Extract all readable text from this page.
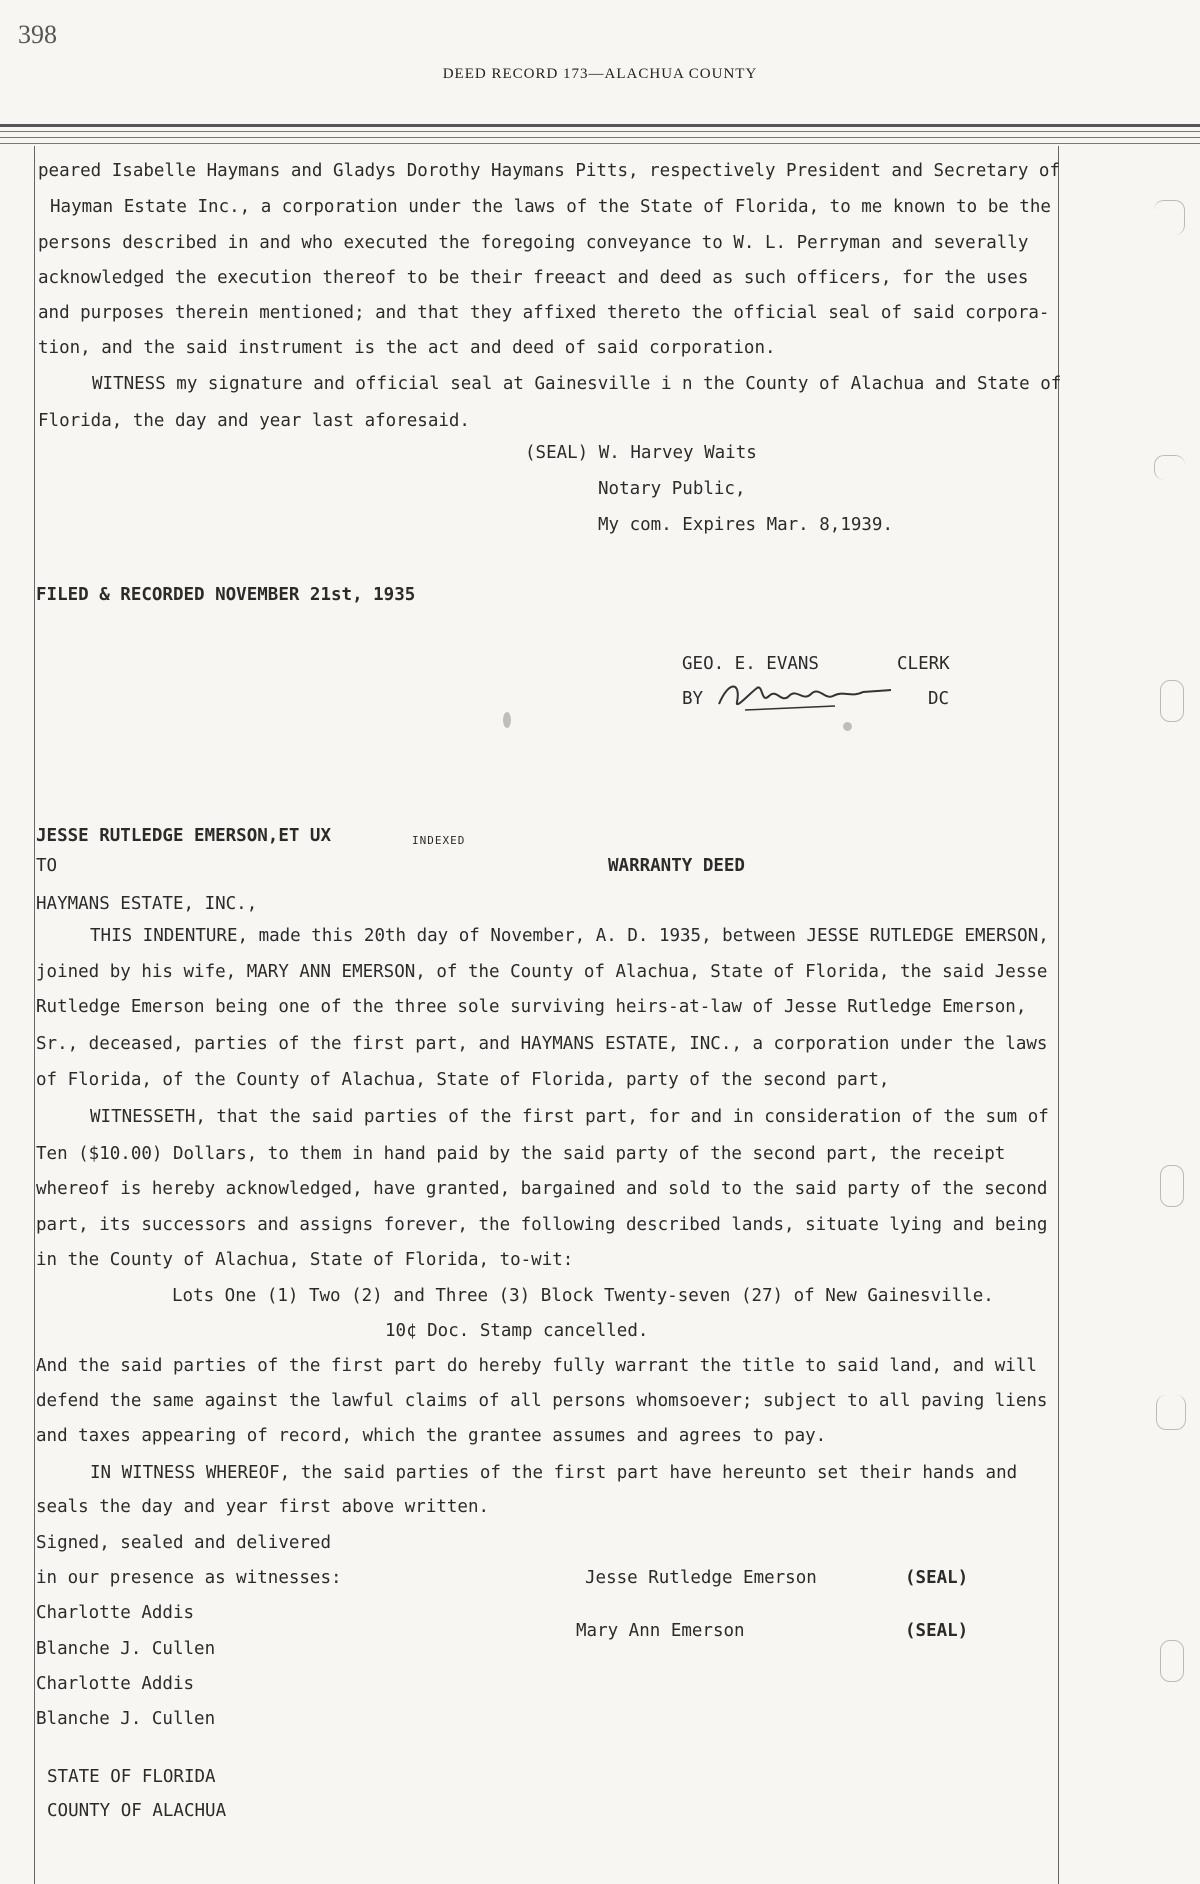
398
DEED RECORD 173—ALACHUA COUNTY
peared Isabelle Haymans and Gladys Dorothy Haymans Pitts, respectively President and Secretary of
Hayman Estate Inc., a corporation under the laws of the State of Florida, to me known to be the
persons described in and who executed the foregoing conveyance to W. L. Perryman and severally
acknowledged the execution thereof to be their freeact and deed as such officers, for the uses
and purposes therein mentioned; and that they affixed thereto the official seal of said corpora-
tion, and the said instrument is the act and deed of said corporation.
WITNESS my signature and official seal at Gainesville i n the County of Alachua and State of
Florida, the day and year last aforesaid.
(SEAL) W. Harvey Waits
Notary Public,
My com. Expires Mar. 8,1939.
FILED & RECORDED NOVEMBER 21st, 1935
GEO. E. EVANS	CLERK
BY	DC
JESSE RUTLEDGE EMERSON,ET UX	INDEXED
TO	WARRANTY DEED
HAYMANS ESTATE, INC.,
THIS INDENTURE, made this 20th day of November, A. D. 1935, between JESSE RUTLEDGE EMERSON,
joined by his wife, MARY ANN EMERSON, of the County of Alachua, State of Florida, the said Jesse
Rutledge Emerson being one of the three sole surviving heirs-at-law of Jesse Rutledge Emerson,
Sr., deceased, parties of the first part, and HAYMANS ESTATE, INC., a corporation under the laws
of Florida, of the County of Alachua, State of Florida, party of the second part,
WITNESSETH, that the said parties of the first part, for and in consideration of the sum of
Ten ($10.00) Dollars, to them in hand paid by the said party of the second part, the receipt
whereof is hereby acknowledged, have granted, bargained and sold to the said party of the second
part, its successors and assigns forever, the following described lands, situate lying and being
in the County of Alachua, State of Florida, to-wit:
Lots One (1) Two (2) and Three (3) Block Twenty-seven (27) of New Gainesville.
10¢ Doc. Stamp cancelled.
And the said parties of the first part do hereby fully warrant the title to said land, and will
defend the same against the lawful claims of all persons whomsoever; subject to all paving liens
and taxes appearing of record, which the grantee assumes and agrees to pay.
IN WITNESS WHEREOF, the said parties of the first part have hereunto set their hands and
seals the day and year first above written.
Signed, sealed and delivered
in our presence as witnesses:
Charlotte Addis
Blanche J. Cullen
Charlotte Addis
Blanche J. Cullen
Jesse Rutledge Emerson	(SEAL)
Mary Ann Emerson	(SEAL)
STATE OF FLORIDA
COUNTY OF ALACHUA
